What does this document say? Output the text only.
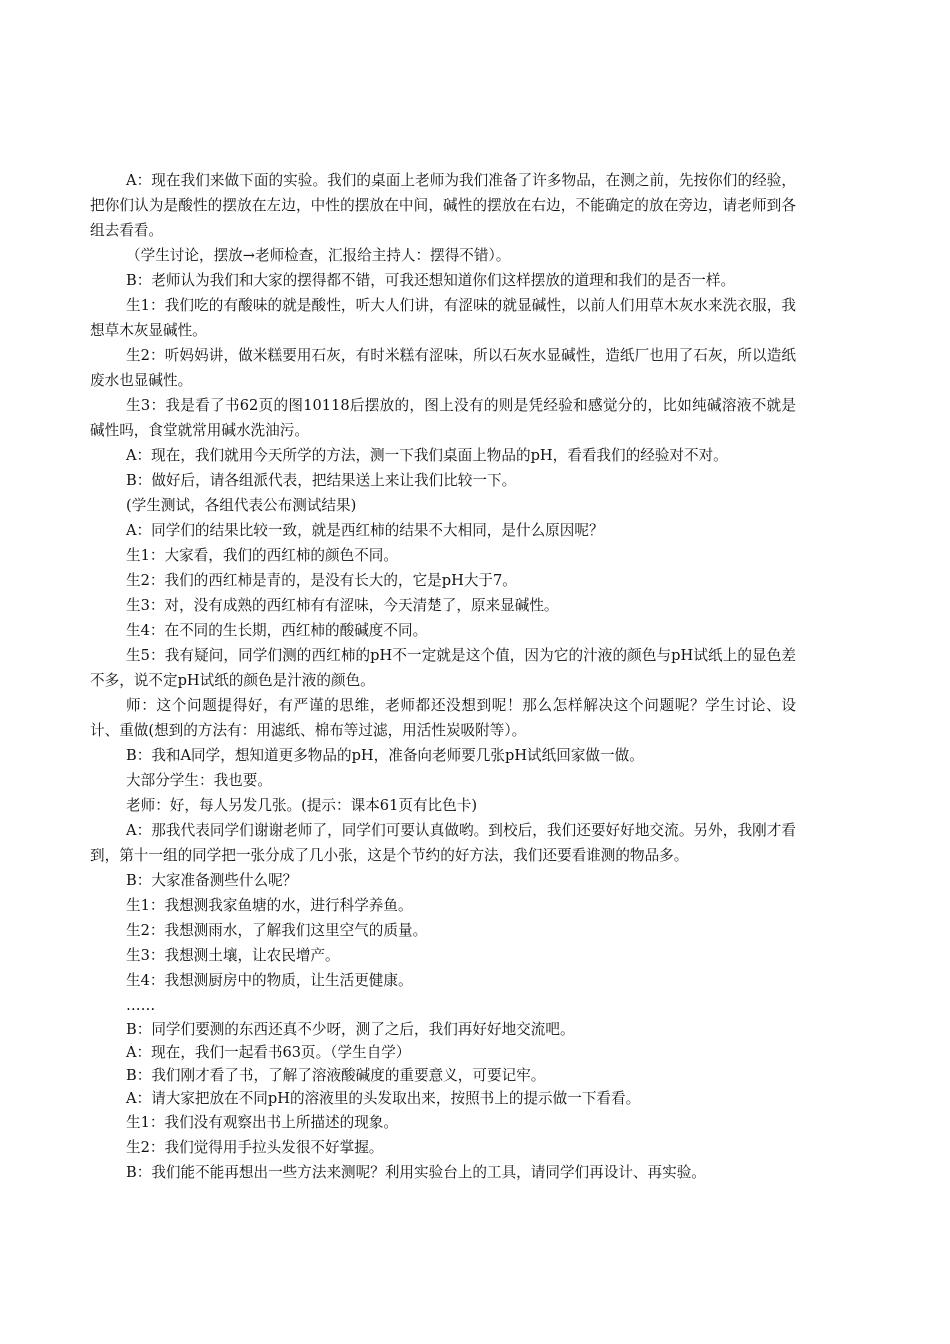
A：现在我们来做下面的实验。我们的桌面上老师为我们准备了许多物品，在测之前，先按你们的经验，把你们认为是酸性的摆放在左边，中性的摆放在中间，碱性的摆放在右边，不能确定的放在旁边，请老师到各组去看看。

（学生讨论，摆放→老师检查，汇报给主持人：摆得不错）。

B：老师认为我们和大家的摆得都不错，可我还想知道你们这样摆放的道理和我们的是否一样。

生1：我们吃的有酸味的就是酸性，听大人们讲，有涩味的就显碱性，以前人们用草木灰水来洗衣服，我想草木灰显碱性。

生2：听妈妈讲，做米糕要用石灰，有时米糕有涩味，所以石灰水显碱性，造纸厂也用了石灰，所以造纸废水也显碱性。

生3：我是看了书62页的图10118后摆放的，图上没有的则是凭经验和感觉分的，比如纯碱溶液不就是碱性吗，食堂就常用碱水洗油污。

A：现在，我们就用今天所学的方法，测一下我们桌面上物品的pH，看看我们的经验对不对。

B：做好后，请各组派代表，把结果送上来让我们比较一下。

(学生测试，各组代表公布测试结果)

A：同学们的结果比较一致，就是西红柿的结果不大相同，是什么原因呢？

生1：大家看，我们的西红柿的颜色不同。

生2：我们的西红柿是青的，是没有长大的，它是pH大于7。

生3：对，没有成熟的西红柿有有涩味，今天清楚了，原来显碱性。

生4：在不同的生长期，西红柿的酸碱度不同。

生5：我有疑问，同学们测的西红柿的pH不一定就是这个值，因为它的汁液的颜色与pH试纸上的显色差不多，说不定pH试纸的颜色是汁液的颜色。

师：这个问题提得好，有严谨的思维，老师都还没想到呢！那么怎样解决这个问题呢？学生讨论、设计、重做(想到的方法有：用滤纸、棉布等过滤，用活性炭吸附等）。

B：我和A同学，想知道更多物品的pH，准备向老师要几张pH试纸回家做一做。

大部分学生：我也要。

老师：好，每人另发几张。(提示：课本61页有比色卡)

A：那我代表同学们谢谢老师了，同学们可要认真做哟。到校后，我们还要好好地交流。另外，我刚才看到，第十一组的同学把一张分成了几小张，这是个节约的好方法，我们还要看谁测的物品多。

B：大家准备测些什么呢？

生1：我想测我家鱼塘的水，进行科学养鱼。

生2：我想测雨水，了解我们这里空气的质量。

生3：我想测土壤，让农民增产。

生4：我想测厨房中的物质，让生活更健康。

……

B：同学们要测的东西还真不少呀，测了之后，我们再好好地交流吧。

A：现在，我们一起看书63页。（学生自学）

B：我们刚才看了书，了解了溶液酸碱度的重要意义，可要记牢。

A：请大家把放在不同pH的溶液里的头发取出来，按照书上的提示做一下看看。

生1：我们没有观察出书上所描述的现象。

生2：我们觉得用手拉头发很不好掌握。

B：我们能不能再想出一些方法来测呢？利用实验台上的工具，请同学们再设计、再实验。
